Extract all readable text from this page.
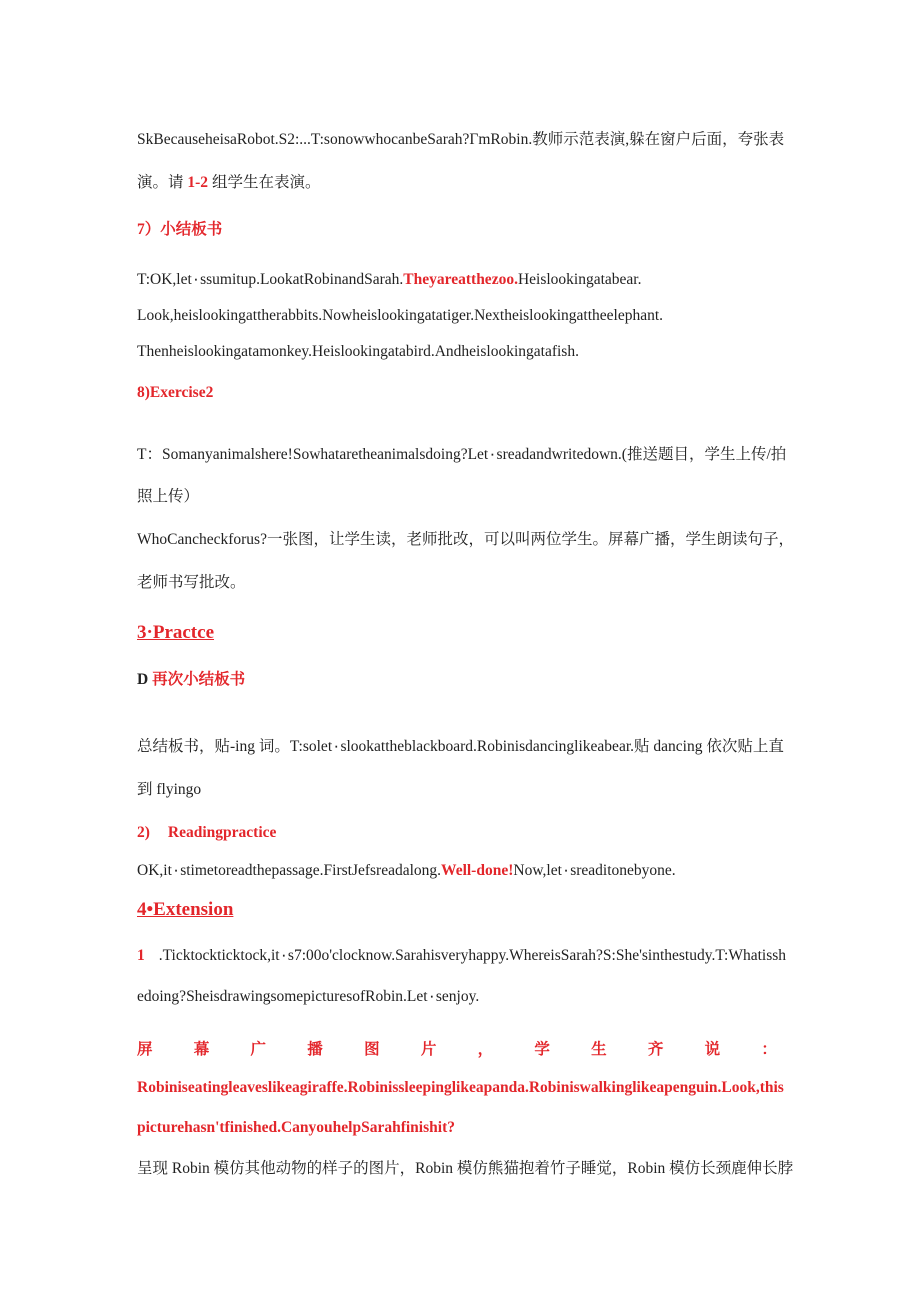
SkBecauseheisaRobot.S2:...T:sonowwhocanbeSarah?ΓmRobin.教师示范表演,躲在窗户后面，夸张表
演。请 1-2 组学生在表演。
7）小结板书
T:OK,let۰ssumitup.LookatRobinandSarah.Theyareatthezoo.Heislookingatabear.
Look,heislookingattherabbits.Nowheislookingatatiger.Nextheislookingattheelephant.
Thenheislookingatamonkey.Heislookingatabird.Andheislookingatafish.
8)Exercise2
T：Somanyanimalshere!Sowhataretheanimalsdoing?Let۰sreadandwritedown.(推送题目，学生上传/拍
照上传）
WhoCancheckforus?一张图，让学生读，老师批改，可以叫两位学生。屏幕广播，学生朗读句子，
老师书写批改。
3·Practce
D 再次小结板书
总结板书，贴-ing 词。T:solet۰slookattheblackboard.Robinisdancinglikeabear.贴 dancing 依次贴上直
到 flyingo
2) Readingpractice
OK,it۰stimetoreadthepassage.FirstJefsreadalong.Well-done!Now,let۰sreaditonebyone.
4•Extension
1 .Ticktockticktock,it۰s7:00o'clocknow.Sarahisveryhappy.WhereisSarah?S:She'sinthestudy.T:Whatissh
edoing?SheisdrawingsomepicturesofRobin.Let۰senjoy.
屏	幕	广	播	图	片	，	学	生	齐	说	：
Robiniseatingleaveslikeagiraffe.Robinissleepinglikeapanda.Robiniswalkinglikeapenguin.Look,this
picturehasn'tfinished.CanyouhelpSarahfinishit?
呈现 Robin 模仿其他动物的样子的图片，Robin 模仿熊猫抱着竹子睡觉，Robin 模仿长颈鹿伸长脖
